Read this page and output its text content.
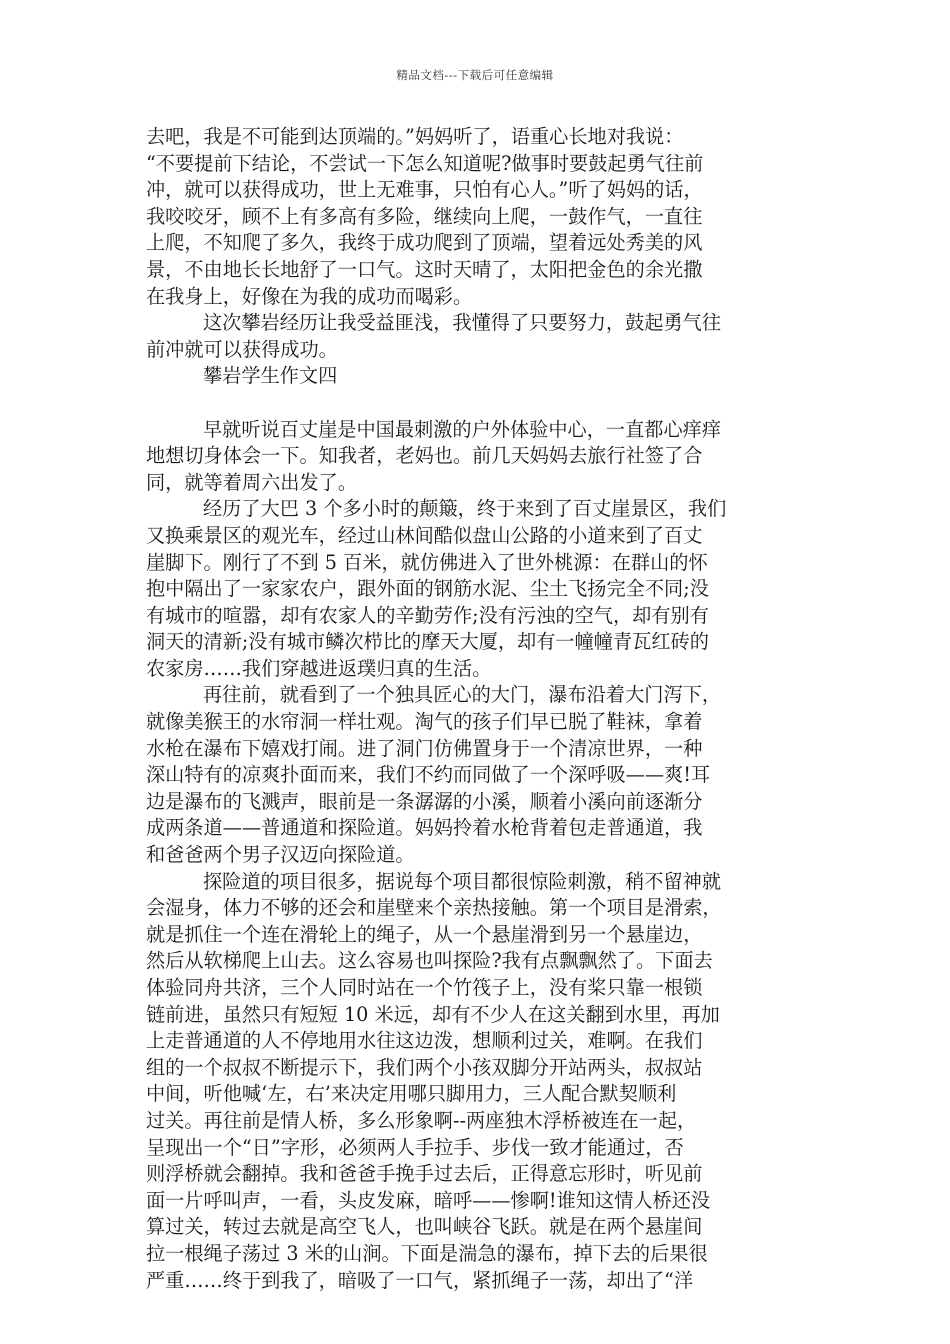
精品文档---下载后可任意编辑
去吧，我是不可能到达顶端的。”妈妈听了，语重心长地对我说：
“不要提前下结论，不尝试一下怎么知道呢?做事时要鼓起勇气往前
冲，就可以获得成功，世上无难事，只怕有心人。”听了妈妈的话，
我咬咬牙，顾不上有多高有多险，继续向上爬，一鼓作气，一直往
上爬，不知爬了多久，我终于成功爬到了顶端，望着远处秀美的风
景，不由地长长地舒了一口气。这时天晴了，太阳把金色的余光撒
在我身上，好像在为我的成功而喝彩。
这次攀岩经历让我受益匪浅，我懂得了只要努力，鼓起勇气往
前冲就可以获得成功。
攀岩学生作文四
早就听说百丈崖是中国最刺激的户外体验中心，一直都心痒痒
地想切身体会一下。知我者，老妈也。前几天妈妈去旅行社签了合
同，就等着周六出发了。
经历了大巴 3 个多小时的颠簸，终于来到了百丈崖景区，我们
又换乘景区的观光车，经过山林间酷似盘山公路的小道来到了百丈
崖脚下。刚行了不到 5 百米，就仿佛进入了世外桃源：在群山的怀
抱中隔出了一家家农户，跟外面的钢筋水泥、尘土飞扬完全不同;没
有城市的喧嚣，却有农家人的辛勤劳作;没有污浊的空气，却有别有
洞天的清新;没有城市鳞次栉比的摩天大厦，却有一幢幢青瓦红砖的
农家房……我们穿越进返璞归真的生活。
再往前，就看到了一个独具匠心的大门，瀑布沿着大门泻下，
就像美猴王的水帘洞一样壮观。淘气的孩子们早已脱了鞋袜，拿着
水枪在瀑布下嬉戏打闹。进了洞门仿佛置身于一个清凉世界，一种
深山特有的凉爽扑面而来，我们不约而同做了一个深呼吸——爽!耳
边是瀑布的飞溅声，眼前是一条潺潺的小溪，顺着小溪向前逐渐分
成两条道——普通道和探险道。妈妈拎着水枪背着包走普通道，我
和爸爸两个男子汉迈向探险道。
探险道的项目很多，据说每个项目都很惊险刺激，稍不留神就
会湿身，体力不够的还会和崖壁来个亲热接触。第一个项目是滑索，
就是抓住一个连在滑轮上的绳子，从一个悬崖滑到另一个悬崖边，
然后从软梯爬上山去。这么容易也叫探险?我有点飘飘然了。下面去
体验同舟共济，三个人同时站在一个竹筏子上，没有桨只靠一根锁
链前进，虽然只有短短 10 米远，却有不少人在这关翻到水里，再加
上走普通道的人不停地用水往这边泼，想顺利过关，难啊。在我们
组的一个叔叔不断提示下，我们两个小孩双脚分开站两头，叔叔站
中间，听他喊‘左，右’来决定用哪只脚用力，三人配合默契顺利
过关。再往前是情人桥，多么形象啊--两座独木浮桥被连在一起，
呈现出一个“日”字形，必须两人手拉手、步伐一致才能通过，否
则浮桥就会翻掉。我和爸爸手挽手过去后，正得意忘形时，听见前
面一片呼叫声，一看，头皮发麻，暗呼——惨啊!谁知这情人桥还没
算过关，转过去就是高空飞人，也叫峡谷飞跃。就是在两个悬崖间
拉一根绳子荡过 3 米的山涧。下面是湍急的瀑布，掉下去的后果很
严重……终于到我了，暗吸了一口气，紧抓绳子一荡，却出了“洋
